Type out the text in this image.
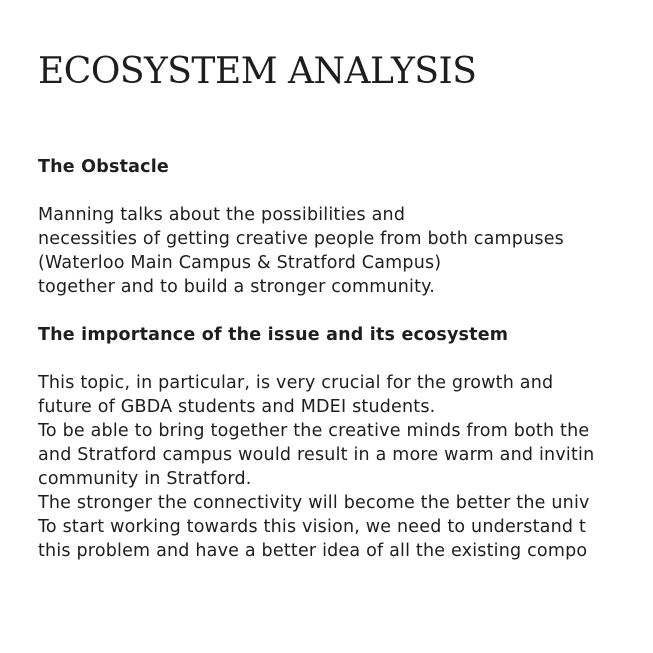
ECOSYSTEM ANALYSIS
The Obstacle
Manning talks about the possibilities and
necessities of getting creative people from both campuses
(Waterloo Main Campus & Stratford Campus)
together and to build a stronger community.
The importance of the issue and its ecosystem
This topic, in particular, is very crucial for the growth and
future of GBDA students and MDEI students.
To be able to bring together the creative minds from both the
and Stratford campus would result in a more warm and invitin
community in Stratford.
The stronger the connectivity will become the better the univ
To start working towards this vision, we need to understand t
this problem and have a better idea of all the existing compo
